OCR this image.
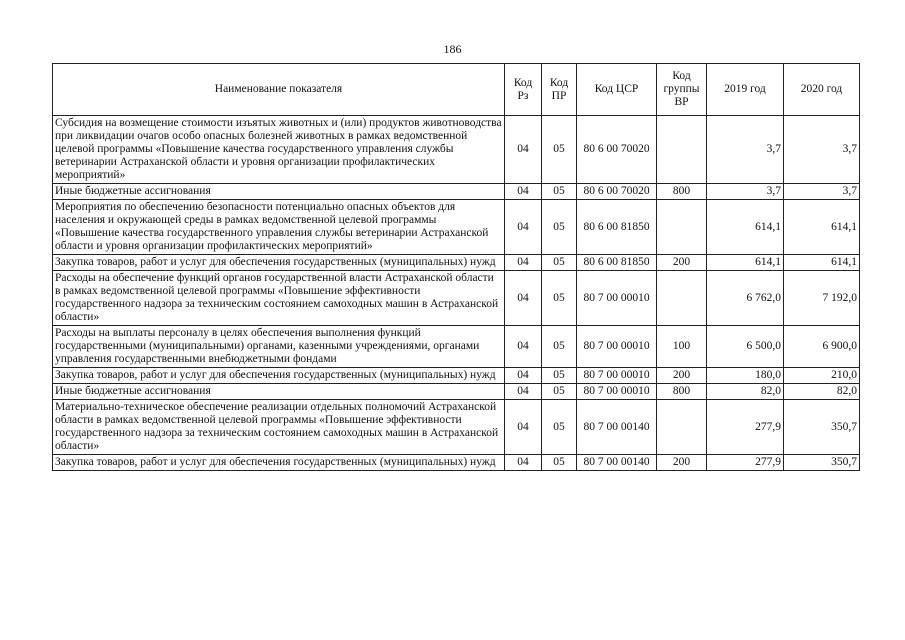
186
Наименование показателя	Код Рз	Код ПР	Код ЦСР	Код группы ВР	2019 год	2020 год
Субсидия на возмещение стоимости изъятых животных и (или) продуктов животноводства при ликвидации очагов особо опасных болезней животных в рамках ведомственной целевой программы «Повышение качества государственного управления службы ветеринарии Астраханской области и уровня организации профилактических мероприятий»	04	05	80 6 00 70020		3,7	3,7
Иные бюджетные ассигнования	04	05	80 6 00 70020	800	3,7	3,7
Мероприятия по обеспечению безопасности потенциально опасных объектов для населения и окружающей среды в рамках ведомственной целевой программы «Повышение качества государственного управления службы ветеринарии Астраханской области и уровня организации профилактических мероприятий»	04	05	80 6 00 81850		614,1	614,1
Закупка товаров, работ и услуг для обеспечения государственных (муниципальных) нужд	04	05	80 6 00 81850	200	614,1	614,1
Расходы на обеспечение функций органов государственной власти Астраханской области в рамках ведомственной целевой программы «Повышение эффективности государственного надзора за техническим состоянием самоходных машин в Астраханской области»	04	05	80 7 00 00010		6 762,0	7 192,0
Расходы на выплаты персоналу в целях обеспечения выполнения функций государственными (муниципальными) органами, казенными учреждениями, органами управления государственными внебюджетными фондами	04	05	80 7 00 00010	100	6 500,0	6 900,0
Закупка товаров, работ и услуг для обеспечения государственных (муниципальных) нужд	04	05	80 7 00 00010	200	180,0	210,0
Иные бюджетные ассигнования	04	05	80 7 00 00010	800	82,0	82,0
Материально-техническое обеспечение реализации отдельных полномочий Астраханской области в рамках ведомственной целевой программы «Повышение эффективности государственного надзора за техническим состоянием самоходных машин в Астраханской области»	04	05	80 7 00 00140		277,9	350,7
Закупка товаров, работ и услуг для обеспечения государственных (муниципальных) нужд	04	05	80 7 00 00140	200	277,9	350,7
